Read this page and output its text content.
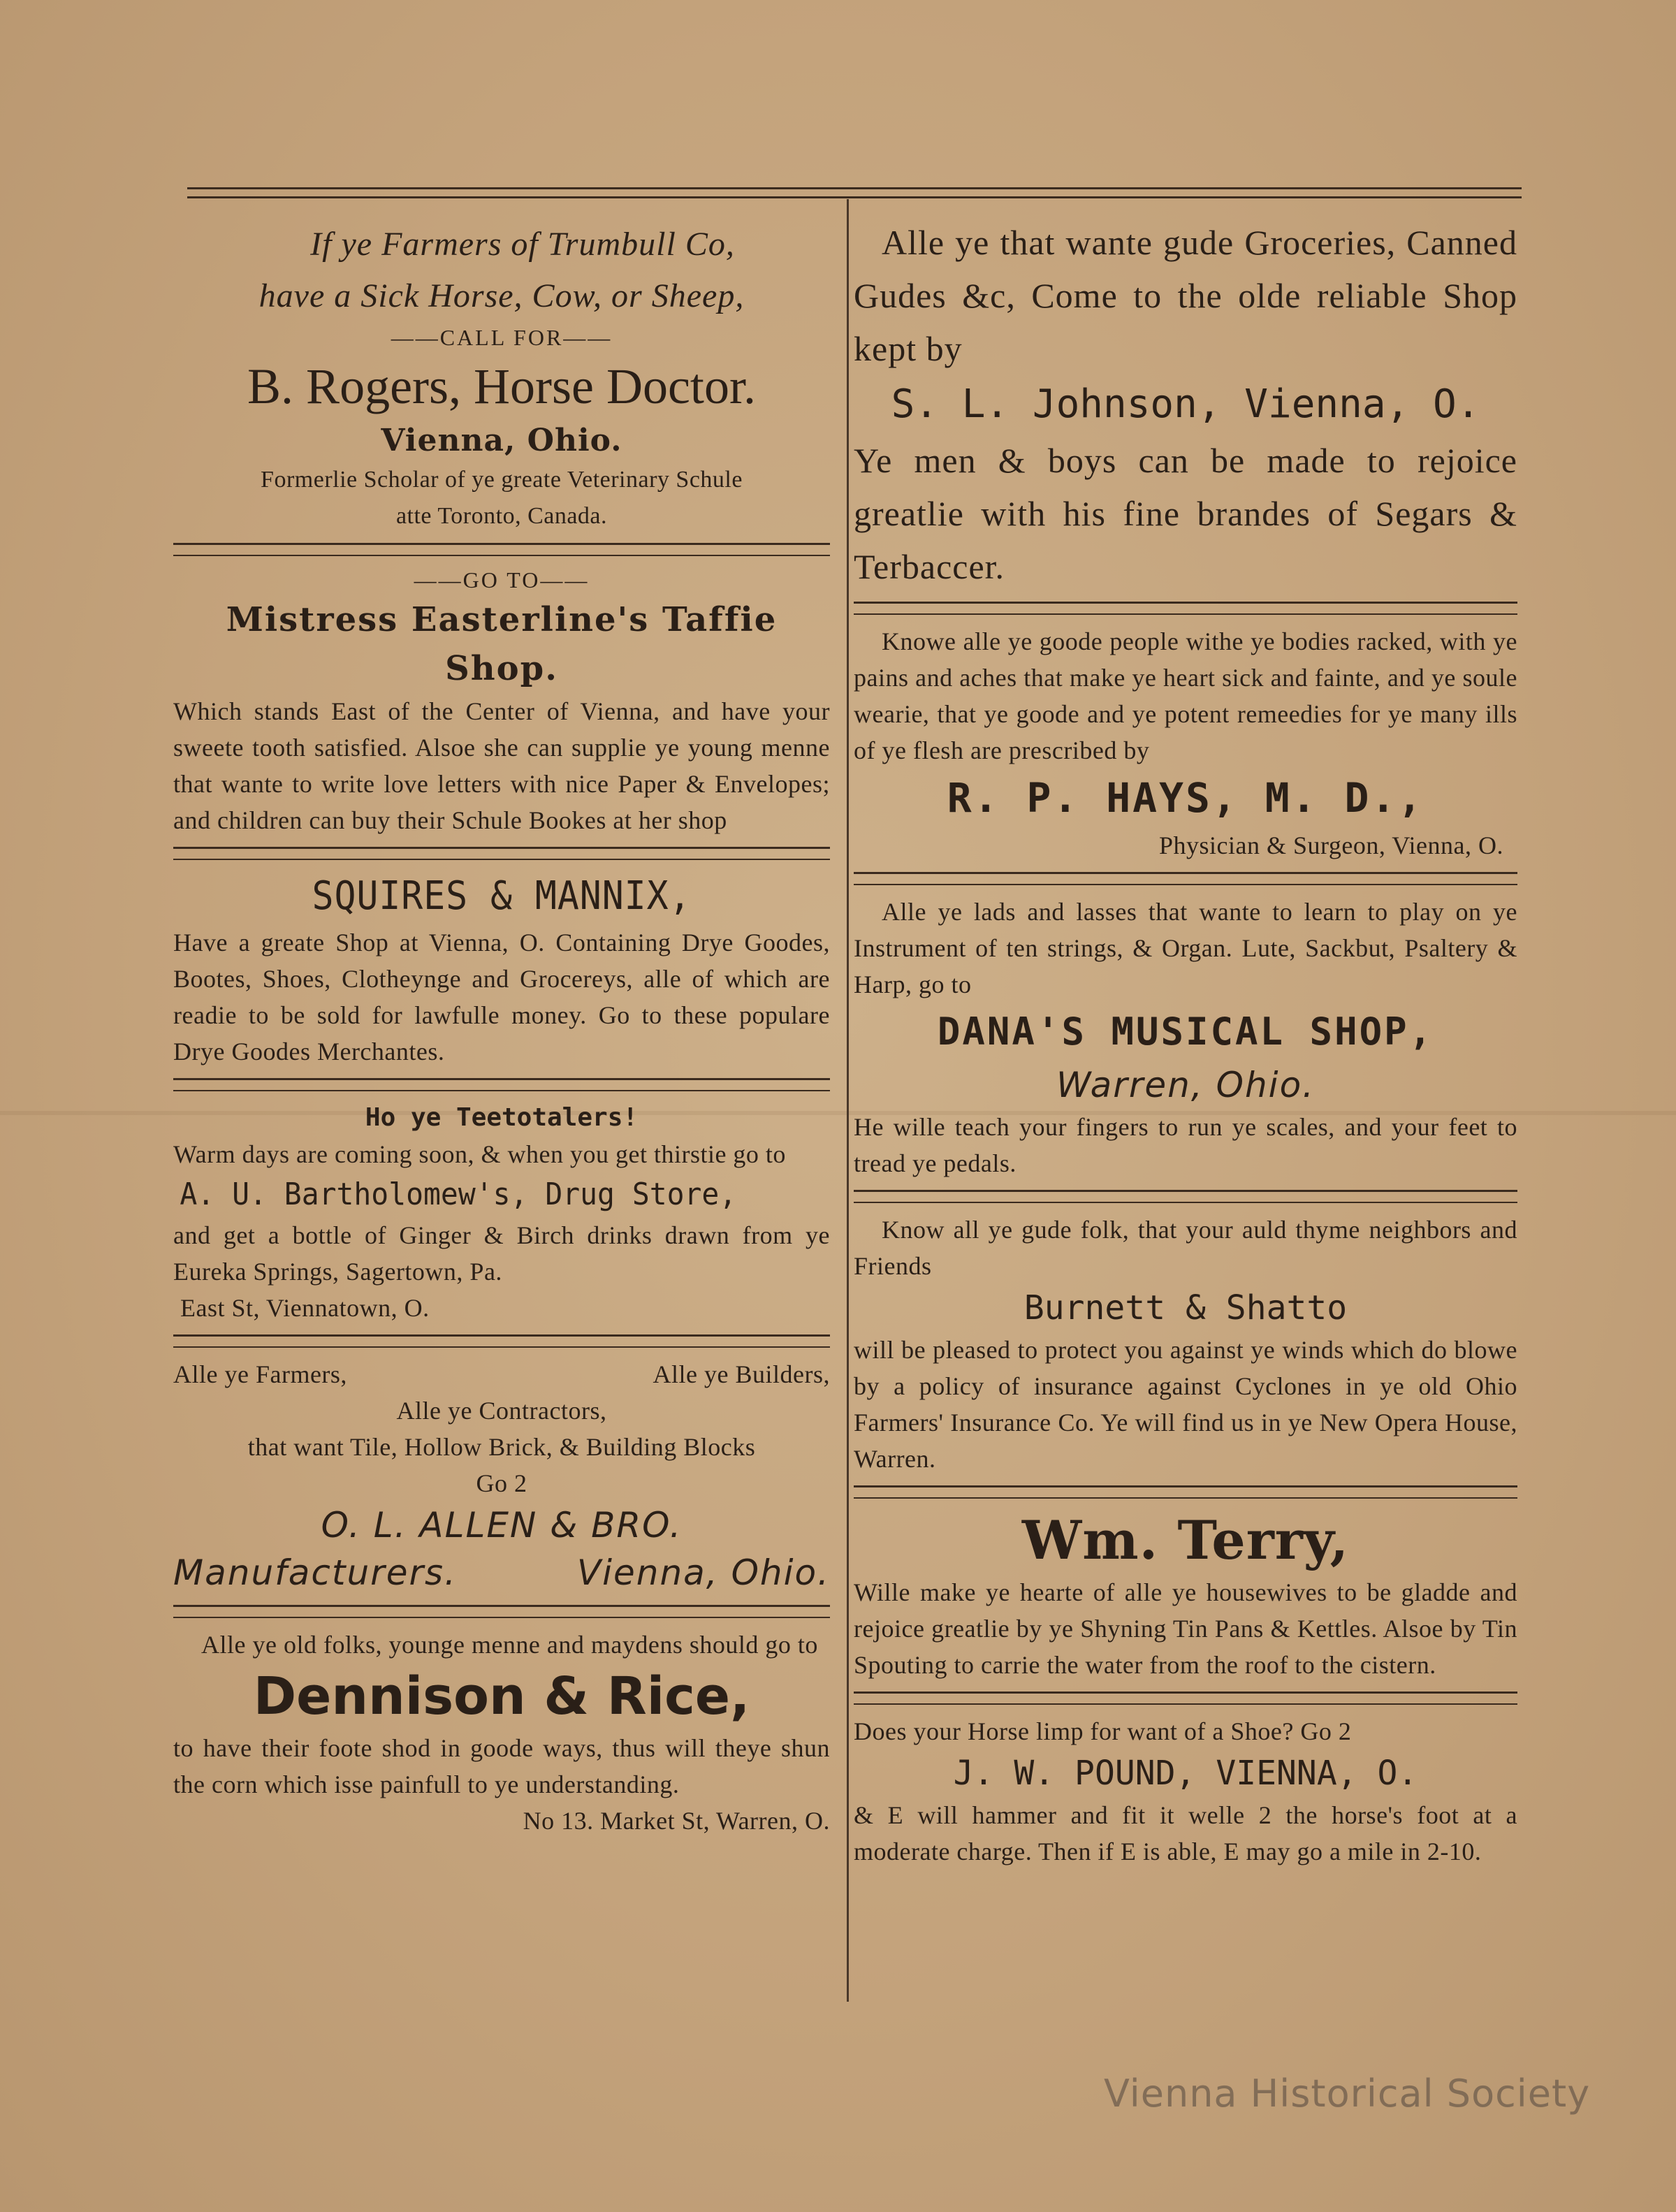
If ye Farmers of Trumbull Co,
have a Sick Horse, Cow, or Sheep,
——CALL FOR——
B. Rogers, Horse Doctor.
Vienna, Ohio.
Formerlie Scholar of ye greate Veterinary Schule
atte Toronto, Canada.
——GO TO——
Mistress Easterline's Taffie Shop.
Which stands East of the Center of Vienna, and have your sweete tooth satisfied. Alsoe she can supplie ye young menne that wante to write love letters with nice Paper & Envelopes; and children can buy their Schule Bookes at her shop
SQUIRES & MANNIX,
Have a greate Shop at Vienna, O. Containing Drye Goodes, Bootes, Shoes, Clotheynge and Grocereys, alle of which are readie to be sold for lawfulle money. Go to these populare Drye Goodes Merchantes.
Ho ye Teetotalers!
Warm days are coming soon, & when you get thirstie go to
A. U. Bartholomew's, Drug Store,
and get a bottle of Ginger & Birch drinks drawn from ye Eureka Springs, Sagertown, Pa.
East St, Viennatown, O.
Alle ye Farmers,	Alle ye Builders,
Alle ye Contractors,
that want Tile, Hollow Brick, & Building Blocks
Go 2
O. L. ALLEN & BRO.
Manufacturers.	Vienna, Ohio.
Alle ye old folks, younge menne and maydens should go to
Dennison & Rice,
to have their foote shod in goode ways, thus will theye shun the corn which isse painfull to ye understanding.
No 13. Market St, Warren, O.
Alle ye that wante gude Groceries, Canned Gudes &c, Come to the olde reliable Shop kept by
S. L. Johnson, Vienna, O.
Ye men & boys can be made to rejoice greatlie with his fine brandes of Segars & Terbaccer.
Knowe alle ye goode people withe ye bodies racked, with ye pains and aches that make ye heart sick and fainte, and ye soule wearie, that ye goode and ye potent remeedies for ye many ills of ye flesh are prescribed by
R. P. HAYS, M. D.,
Physician & Surgeon, Vienna, O.
Alle ye lads and lasses that wante to learn to play on ye Instrument of ten strings, & Organ. Lute, Sackbut, Psaltery & Harp, go to
DANA'S MUSICAL SHOP,
Warren, Ohio.
He wille teach your fingers to run ye scales, and your feet to tread ye pedals.
Know all ye gude folk, that your auld thyme neighbors and Friends
Burnett & Shatto
will be pleased to protect you against ye winds which do blowe by a policy of insurance against Cyclones in ye old Ohio Farmers' Insurance Co. Ye will find us in ye New Opera House, Warren.
Wm. Terry,
Wille make ye hearte of alle ye housewives to be gladde and rejoice greatlie by ye Shyning Tin Pans & Kettles. Alsoe by Tin Spouting to carrie the water from the roof to the cistern.
Does your Horse limp for want of a Shoe? Go 2
J. W. POUND, VIENNA, O.
& E will hammer and fit it welle 2 the horse's foot at a moderate charge. Then if E is able, E may go a mile in 2-10.
Vienna Historical Society
